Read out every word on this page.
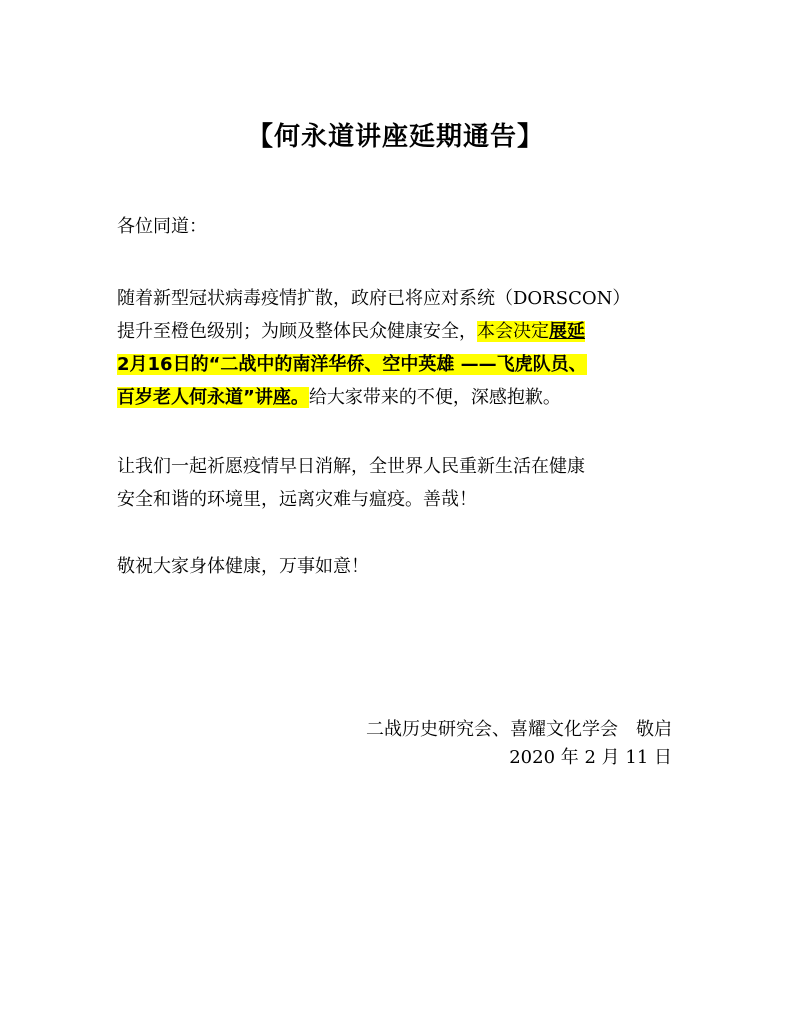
【何永道讲座延期通告】
各位同道：
随着新型冠状病毒疫情扩散，政府已将应对系统（DORSCON）
提升至橙色级别；为顾及整体民众健康安全，本会决定展延
2月16日的“二战中的南洋华侨、空中英雄 ——飞虎队员、
百岁老人何永道”讲座。给大家带来的不便，深感抱歉。
让我们一起祈愿疫情早日消解，全世界人民重新生活在健康
安全和谐的环境里，远离灾难与瘟疫。善哉！
敬祝大家身体健康，万事如意！
二战历史研究会、喜耀文化学会　敬启
2020 年 2 月 11 日
